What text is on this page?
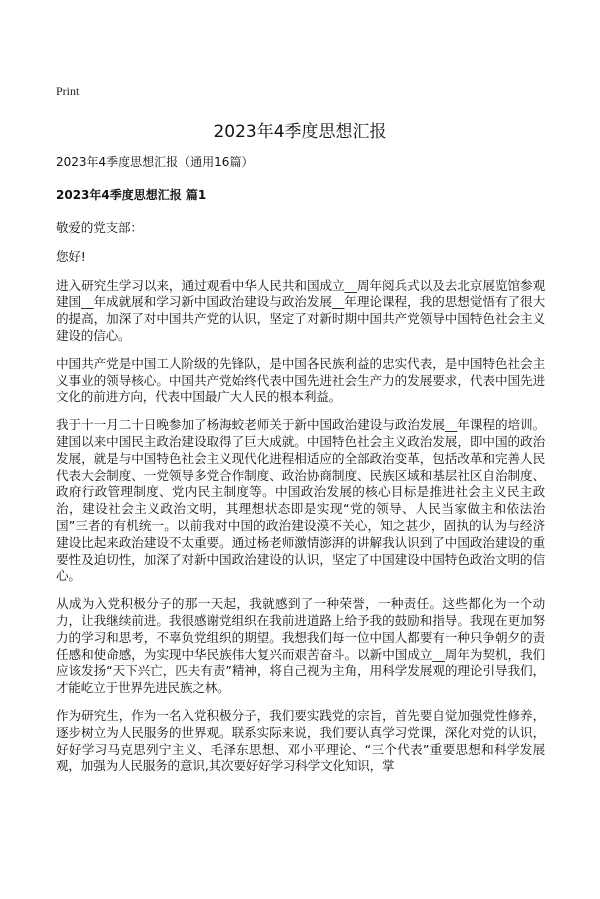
Print
2023年4季度思想汇报

2023年4季度思想汇报（通用16篇）

2023年4季度思想汇报 篇1

敬爱的党支部：

您好!

进入研究生学习以来，通过观看中华人民共和国成立__周年阅兵式以及去北京展览馆参观建国__年成就展和学习新中国政治建设与政治发展__年理论课程，我的思想觉悟有了很大的提高，加深了对中国共产党的认识，坚定了对新时期中国共产党领导中国特色社会主义建设的信心。

中国共产党是中国工人阶级的先锋队，是中国各民族利益的忠实代表，是中国特色社会主义事业的领导核心。中国共产党始终代表中国先进社会生产力的发展要求，代表中国先进文化的前进方向，代表中国最广大人民的根本利益。

我于十一月二十日晚参加了杨海蛟老师关于新中国政治建设与政治发展__年课程的培训。建国以来中国民主政治建设取得了巨大成就。中国特色社会主义政治发展，即中国的政治发展，就是与中国特色社会主义现代化进程相适应的全部政治变革，包括改革和完善人民代表大会制度、一党领导多党合作制度、政治协商制度、民族区域和基层社区自治制度、政府行政管理制度、党内民主制度等。中国政治发展的核心目标是推进社会主义民主政治，建设社会主义政治文明，其理想状态即是实现“党的领导、人民当家做主和依法治国”三者的有机统一。以前我对中国的政治建设漠不关心，知之甚少，固执的认为与经济建设比起来政治建设不太重要。通过杨老师激情澎湃的讲解我认识到了中国政治建设的重要性及迫切性，加深了对新中国政治建设的认识，坚定了中国建设中国特色政治文明的信心。

从成为入党积极分子的那一天起，我就感到了一种荣誉，一种责任。这些都化为一个动力，让我继续前进。我很感谢党组织在我前进道路上给予我的鼓励和指导。我现在更加努力的学习和思考，不辜负党组织的期望。我想我们每一位中国人都要有一种只争朝夕的责任感和使命感，为实现中华民族伟大复兴而艰苦奋斗。以新中国成立__周年为契机，我们应该发扬“天下兴亡，匹夫有责”精神，将自己视为主角，用科学发展观的理论引导我们，才能屹立于世界先进民族之林。

作为研究生，作为一名入党积极分子，我们要实践党的宗旨，首先要自觉加强党性修养，逐步树立为人民服务的世界观。联系实际来说，我们要认真学习党课，深化对党的认识，好好学习马克思列宁主义、毛泽东思想、邓小平理论、“三个代表”重要思想和科学发展观，加强为人民服务的意识,其次要好好学习科学文化知识，掌
